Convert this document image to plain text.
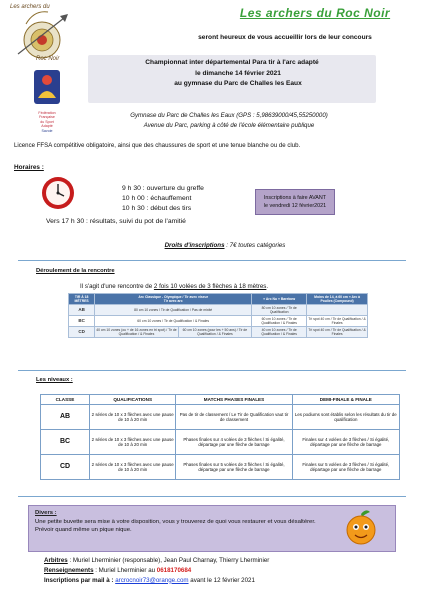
Les archers du
Roc Noir
Fédération
Française
du Sport
Adapté
Savoie
Les archers du Roc Noir
seront heureux de vous accueillir lors de leur concours
Championnat inter départemental Para tir à l'arc adapté
le dimanche 14 février 2021
au gymnase du Parc de Challes les Eaux
Gymnase du Parc de Challes les Eaux (GPS : 5,98639000/45,55250000)
Avenue du Parc, parking à côté de l'école élémentaire publique
Licence FFSA compétitive obligatoire, ainsi que des chaussures de sport et une tenue blanche ou de club.
Horaires :
9 h 30 : ouverture du greffe
10 h 00 : échauffement
10 h 30 : début des tirs
Vers 17 h 30 : résultats, suivi du pot de l'amitié
Inscriptions à faire AVANT
le vendredi 12 février2021
Droits d'inscriptions : 7€ toutes catégories
Déroulement de la rencontre
Il s'agit d'une rencontre de 2 fois 10 volées de 3 flèches à 18 mètres.
TIR À 18 MÈTRES	Arc Classique - Olympique / Tir avec viseur
Tir avec arc		« Arc Nu » Barebow	Moins de 14, à 60 cm « Arc à Poulies (Compound)
AB	80 cm 10 zones / Tir de Qualification / Pas de mixité		80 cm 10 zones / Tir de Qualification	
BC	60 cm 10 zones / Tir de Qualification / & Finales		60 cm 10 zones / Tir de Qualification / & Finales	Tri spot 40 cm / Tir de Qualification / & Finales
CD	40 cm 10 zones (ou + de 16 zones en tri spot) / Tir de Qualification / & Finales	60 cm 10 zones (pour les + 50 ans) / Tir de Qualification / & Finales	40 cm 10 zones / Tir de Qualification / & Finales	Tri spot 40 cm / Tir de Qualification / & Finales
Les niveaux :
CLASSE	QUALIFICATIONS	MATCHS PHASES FINALES	DEMI-FINALE & FINALE
AB	2 séries de 10 x 3 flèches avec une pause de 10 à 20 min	Pas de tir de classement / Le Tir de Qualification vaut tir de classement	Les podiums sont établis selon les résultats du tir de qualification
BC	2 séries de 10 x 3 flèches avec une pause de 10 à 20 min	Phases finales sur 4 volées de 3 flèches / Si égalité, départage par une flèche de barrage	Finales sur 4 volées de 3 flèches / Si égalité, départage par une flèche de barrage
CD	2 séries de 10 x 3 flèches avec une pause de 10 à 20 min	Phases finales sur 5 volées de 3 flèches / Si égalité, départage par une flèche de barrage	Finales sur 5 volées de 3 flèches / Si égalité, départage par une flèche de barrage
Divers :
Une petite buvette sera mise à votre disposition, vous y trouverez de quoi vous restaurer et vous désaltérer.
Prévoir quand même un pique nique.
Arbitres : Muriel Lherminier (responsable), Jean Paul Charnay, Thierry Lherminier
Renseignements : Muriel Lherminier au 0618170684
Inscriptions par mail à : arcrocnoir73@orange.com avant le 12 février 2021
